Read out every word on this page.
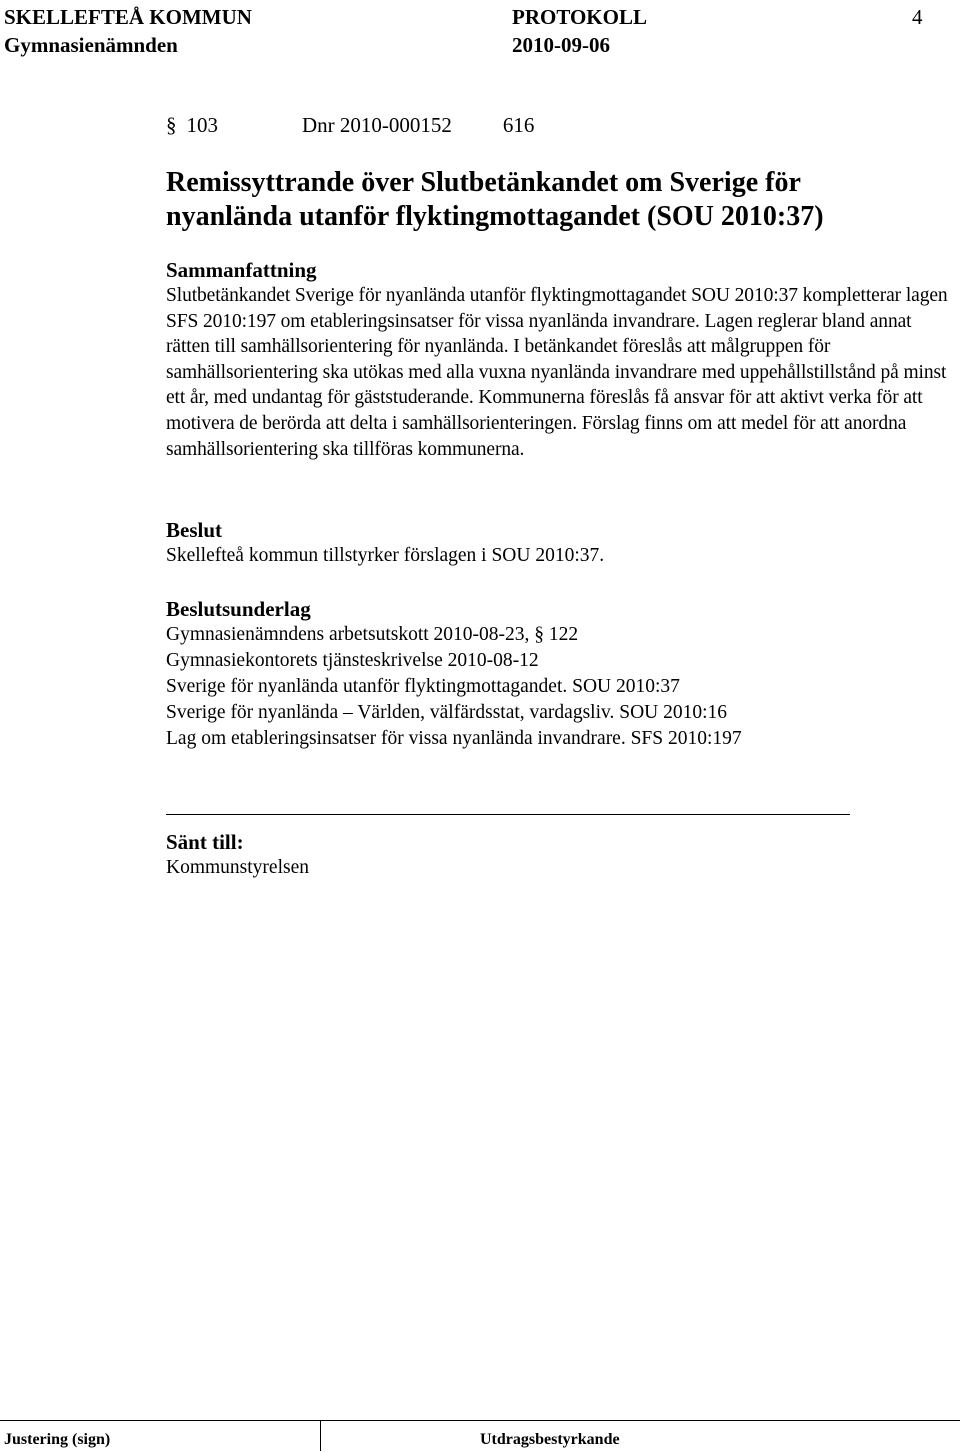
SKELLEFTEÅ KOMMUN
Gymnasienämnden
PROTOKOLL
2010-09-06
4
§ 103	Dnr 2010-000152 616
Remissyttrande över Slutbetänkandet om Sverige för nyanlända utanför flyktingmottagandet (SOU 2010:37)
Sammanfattning

Slutbetänkandet Sverige för nyanlända utanför flyktingmottagandet SOU 2010:37 kompletterar lagen SFS 2010:197 om etableringsinsatser för vissa nyanlända invandrare. Lagen reglerar bland annat rätten till samhällsorientering för nyanlända. I betänkandet föreslås att målgruppen för samhällsorientering ska utökas med alla vuxna nyanlända invandrare med uppehållstillstånd på minst ett år, med undantag för gäststuderande. Kommunerna föreslås få ansvar för att aktivt verka för att motivera de berörda att delta i samhällsorienteringen. Förslag finns om att medel för att anordna samhällsorientering ska tillföras kommunerna.

Beslut

Skellefteå kommun tillstyrker förslagen i SOU 2010:37.

Beslutsunderlag
Gymnasienämndens arbetsutskott 2010-08-23, § 122
Gymnasiekontorets tjänsteskrivelse 2010-08-12
Sverige för nyanlända utanför flyktingmottagandet. SOU 2010:37
Sverige för nyanlända – Världen, välfärdsstat, vardagsliv. SOU 2010:16
Lag om etableringsinsatser för vissa nyanlända invandrare. SFS 2010:197
Sänt till:

Kommunstyrelsen

Justering (sign)	Utdragsbestyrkande
